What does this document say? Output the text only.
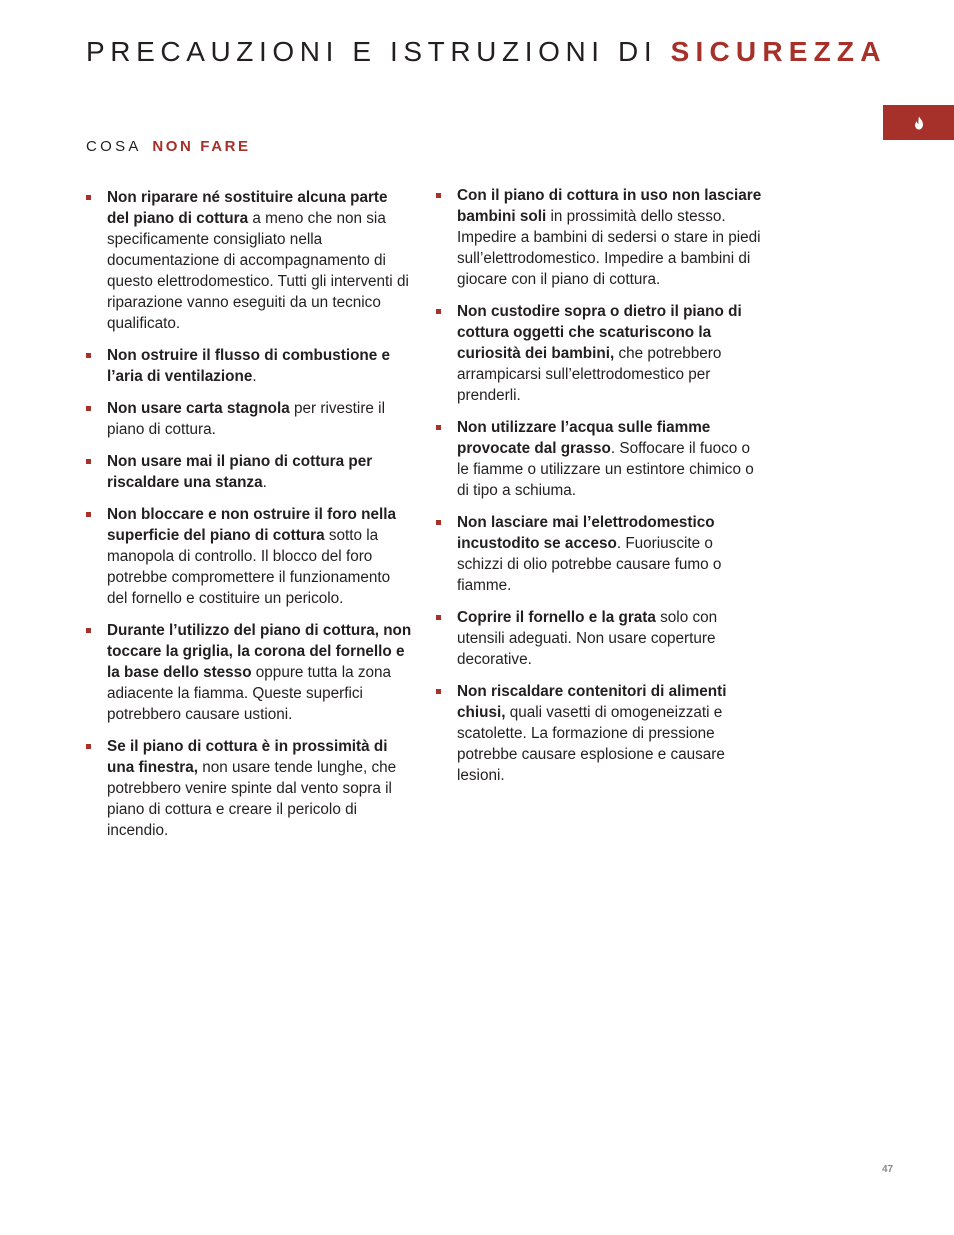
PRECAUZIONI E ISTRUZIONI DI SICUREZZA
COSA NON FARE
Non riparare né sostituire alcuna parte del piano di cottura a meno che non sia specificamente consigliato nella documentazione di accompagnamento di questo elettrodomestico. Tutti gli interventi di riparazione vanno eseguiti da un tecnico qualificato.
Non ostruire il flusso di combustione e l’aria di ventilazione.
Non usare carta stagnola per rivestire il piano di cottura.
Non usare mai il piano di cottura per riscaldare una stanza.
Non bloccare e non ostruire il foro nella superficie del piano di cottura sotto la manopola di controllo. Il blocco del foro potrebbe compromettere il funzionamento del fornello e costituire un pericolo.
Durante l’utilizzo del piano di cottura, non toccare la griglia, la corona del fornello e la base dello stesso oppure tutta la zona adiacente la fiamma. Queste superfici potrebbero causare ustioni.
Se il piano di cottura è in prossimità di una finestra, non usare tende lunghe, che potrebbero venire spinte dal vento sopra il piano di cottura e creare il pericolo di incendio.
Con il piano di cottura in uso non lasciare bambini soli in prossimità dello stesso. Impedire a bambini di sedersi o stare in piedi sull’elettrodomestico. Impedire a bambini di giocare con il piano di cottura.
Non custodire sopra o dietro il piano di cottura oggetti che scaturiscono la curiosità dei bambini, che potrebbero arrampicarsi sull’elettrodomestico per prenderli.
Non utilizzare l’acqua sulle fiamme provocate dal grasso. Soffocare il fuoco o le fiamme o utilizzare un estintore chimico o di tipo a schiuma.
Non lasciare mai l’elettrodomestico incustodito se acceso. Fuoriuscite o schizzi di olio potrebbe causare fumo o fiamme.
Coprire il fornello e la grata solo con utensili adeguati. Non usare coperture decorative.
Non riscaldare contenitori di alimenti chiusi, quali vasetti di omogeneizzati e scatolette. La formazione di pressione potrebbe causare esplosione e causare lesioni.
47
